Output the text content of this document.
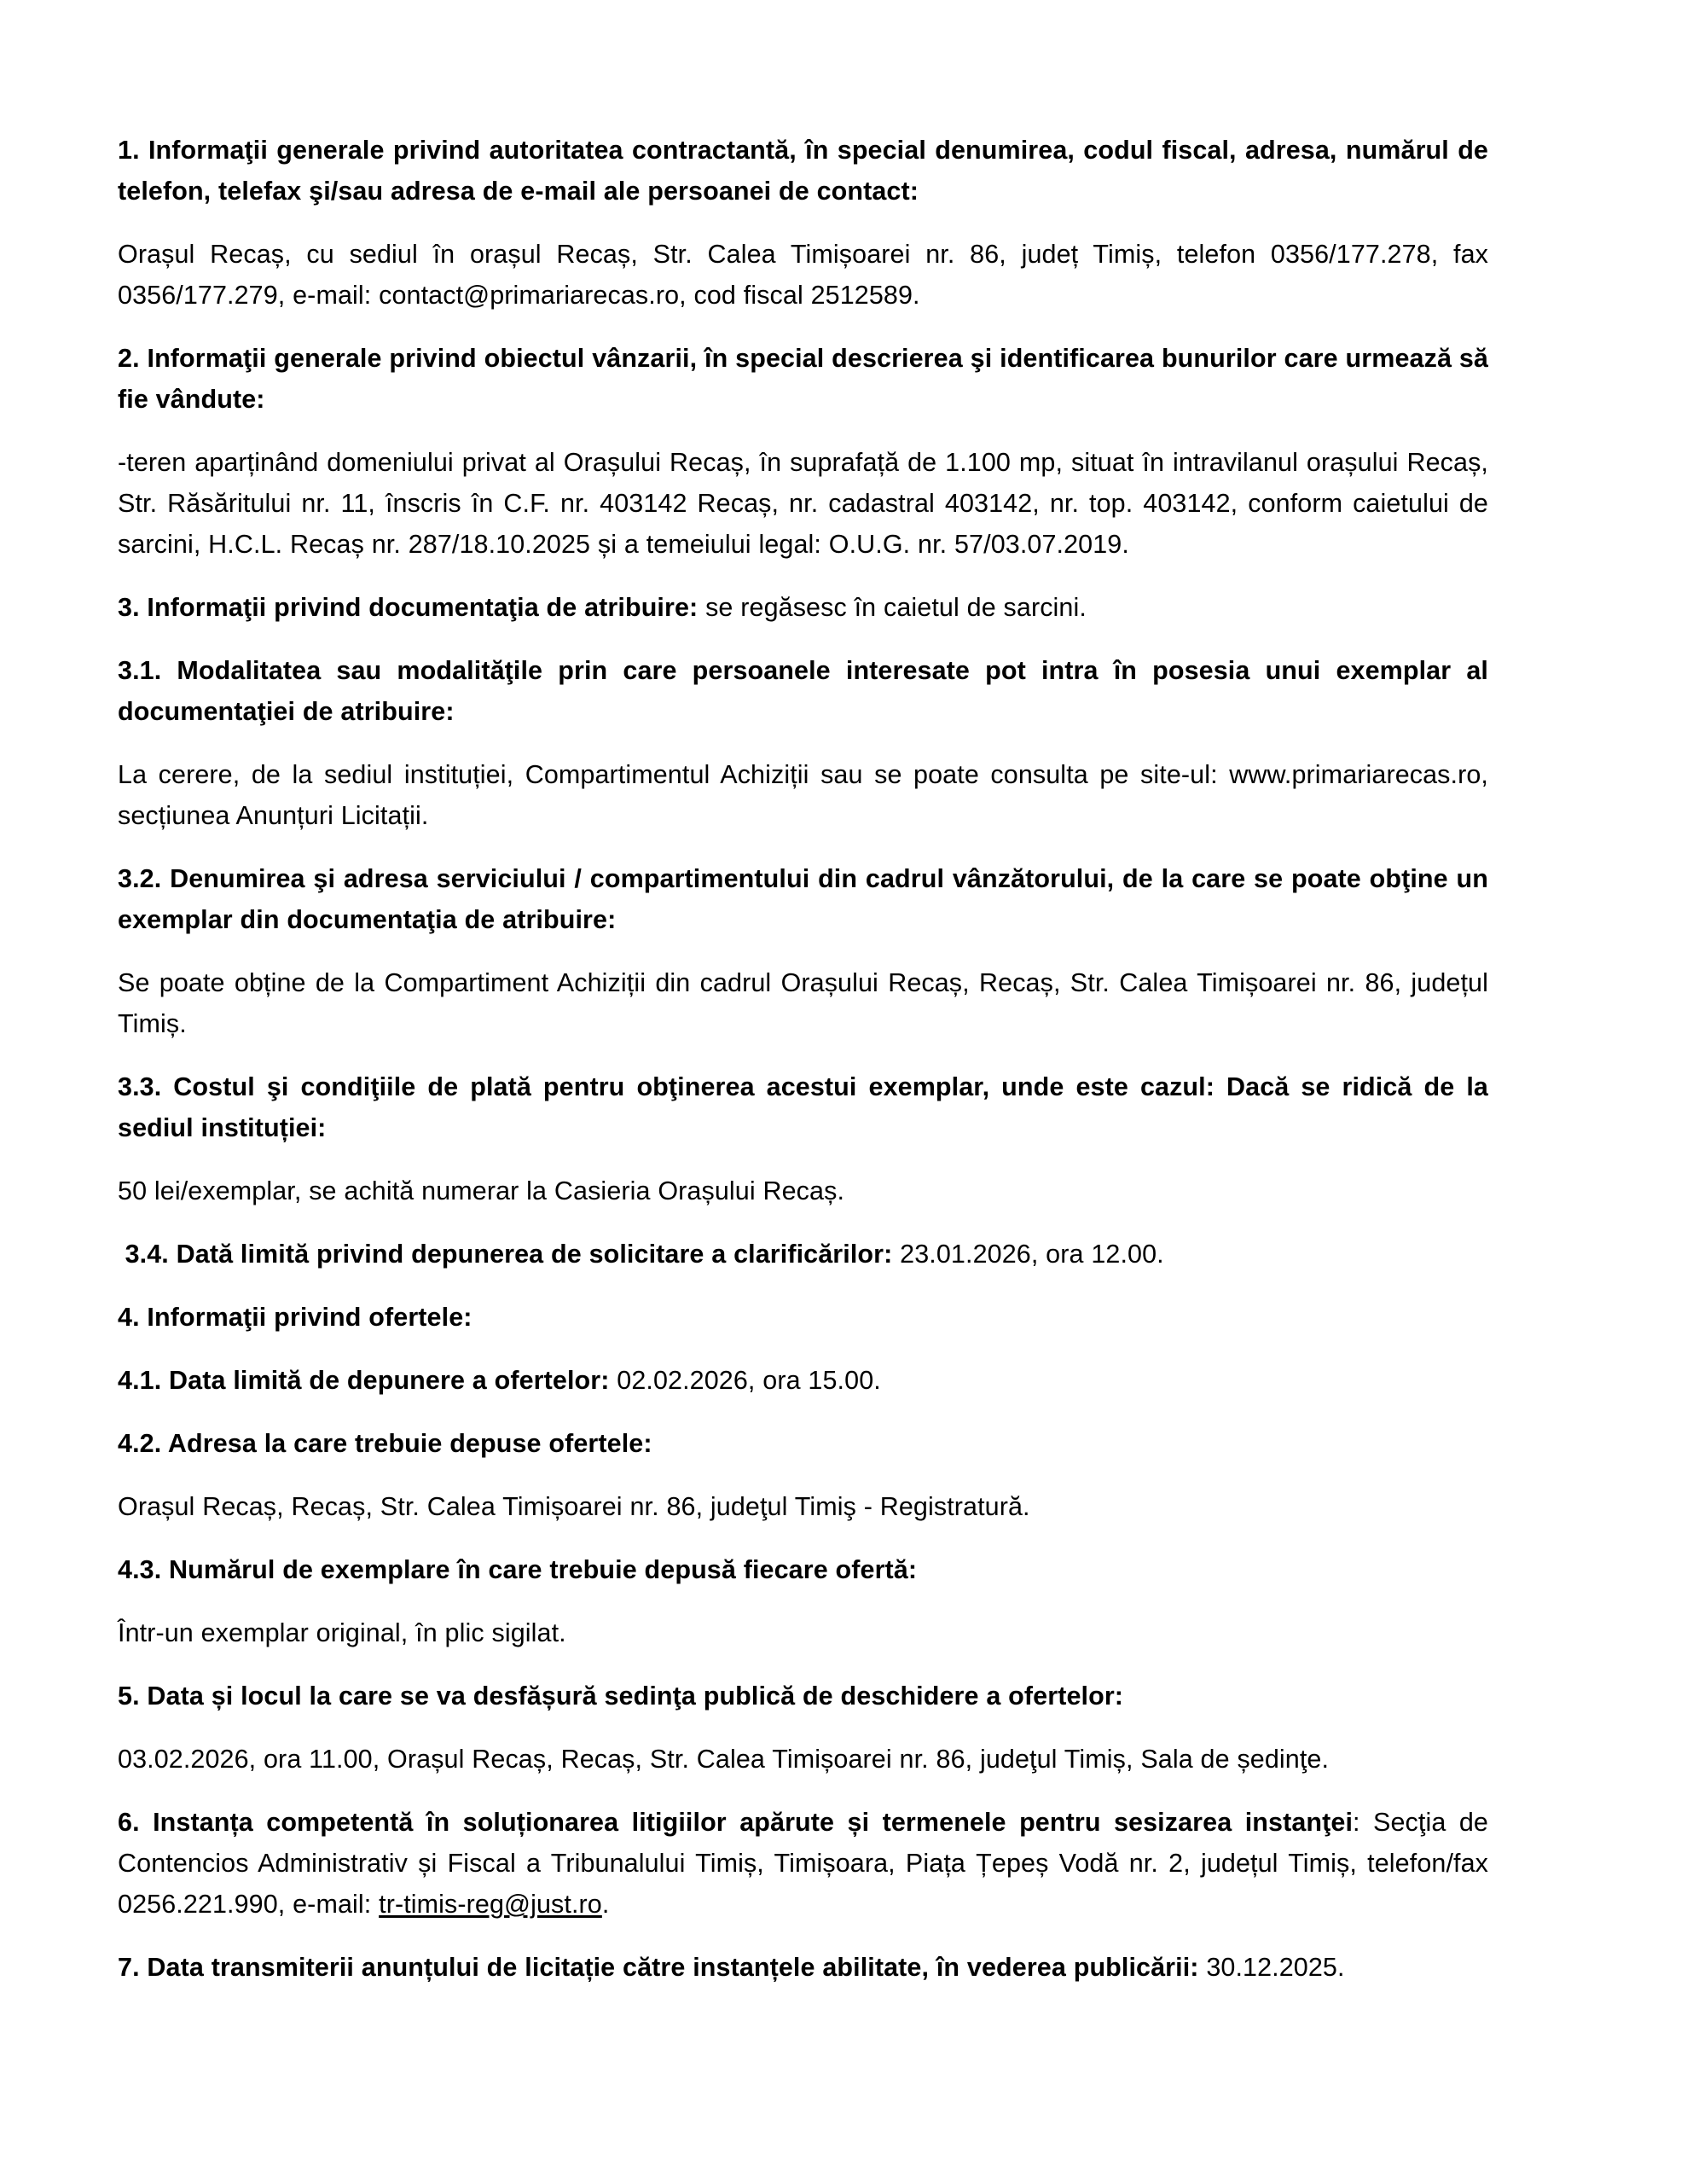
1. Informaţii generale privind autoritatea contractantă, în special denumirea, codul fiscal, adresa, numărul de telefon, telefax şi/sau adresa de e-mail ale persoanei de contact:

Orașul Recaș, cu sediul în orașul Recaș, Str. Calea Timișoarei nr. 86, județ Timiș, telefon 0356/177.278, fax 0356/177.279, e-mail: contact@primariarecas.ro, cod fiscal 2512589.

2. Informaţii generale privind obiectul vânzarii, în special descrierea şi identificarea bunurilor care urmează să fie vândute:

-teren aparținând domeniului privat al Orașului Recaș, în suprafață de 1.100 mp, situat în intravilanul orașului Recaș, Str. Răsăritului nr. 11, înscris în C.F. nr. 403142 Recaș, nr. cadastral 403142, nr. top. 403142, conform caietului de sarcini, H.C.L. Recaș nr. 287/18.10.2025 și a temeiului legal: O.U.G. nr. 57/03.07.2019.

3. Informaţii privind documentaţia de atribuire: se regăsesc în caietul de sarcini.

3.1. Modalitatea sau modalităţile prin care persoanele interesate pot intra în posesia unui exemplar al documentaţiei de atribuire:

La cerere, de la sediul instituției, Compartimentul Achiziții sau se poate consulta pe site-ul: www.primariarecas.ro, secțiunea Anunțuri Licitații.

3.2. Denumirea şi adresa serviciului / compartimentului din cadrul vânzătorului, de la care se poate obţine un exemplar din documentaţia de atribuire:

Se poate obține de la Compartiment Achiziții din cadrul Orașului Recaș, Recaș, Str. Calea Timișoarei nr. 86, județul Timiș.

3.3. Costul şi condiţiile de plată pentru obţinerea acestui exemplar, unde este cazul: Dacă se ridică de la sediul instituției:

50 lei/exemplar, se achită numerar la Casieria Orașului Recaș.

3.4. Dată limită privind depunerea de solicitare a clarificărilor: 23.01.2026, ora 12.00.

4. Informaţii privind ofertele:

4.1. Data limită de depunere a ofertelor: 02.02.2026, ora 15.00.

4.2. Adresa la care trebuie depuse ofertele:

Orașul Recaș, Recaș, Str. Calea Timișoarei nr. 86, judeţul Timiş - Registratură.

4.3. Numărul de exemplare în care trebuie depusă fiecare ofertă:

Într-un exemplar original, în plic sigilat.

5. Data și locul la care se va desfășură sedinţa publică de deschidere a ofertelor:

03.02.2026, ora 11.00, Orașul Recaș, Recaș, Str. Calea Timișoarei nr. 86, judeţul Timiș, Sala de ședinţe.

6. Instanța competentă în soluționarea litigiilor apărute și termenele pentru sesizarea instanţei: Secţia de Contencios Administrativ și Fiscal a Tribunalului Timiș, Timișoara, Piața Țepeș Vodă nr. 2, județul Timiș, telefon/fax 0256.221.990, e-mail: tr-timis-reg@just.ro.

7. Data transmiterii anunțului de licitație către instanțele abilitate, în vederea publicării: 30.12.2025.
